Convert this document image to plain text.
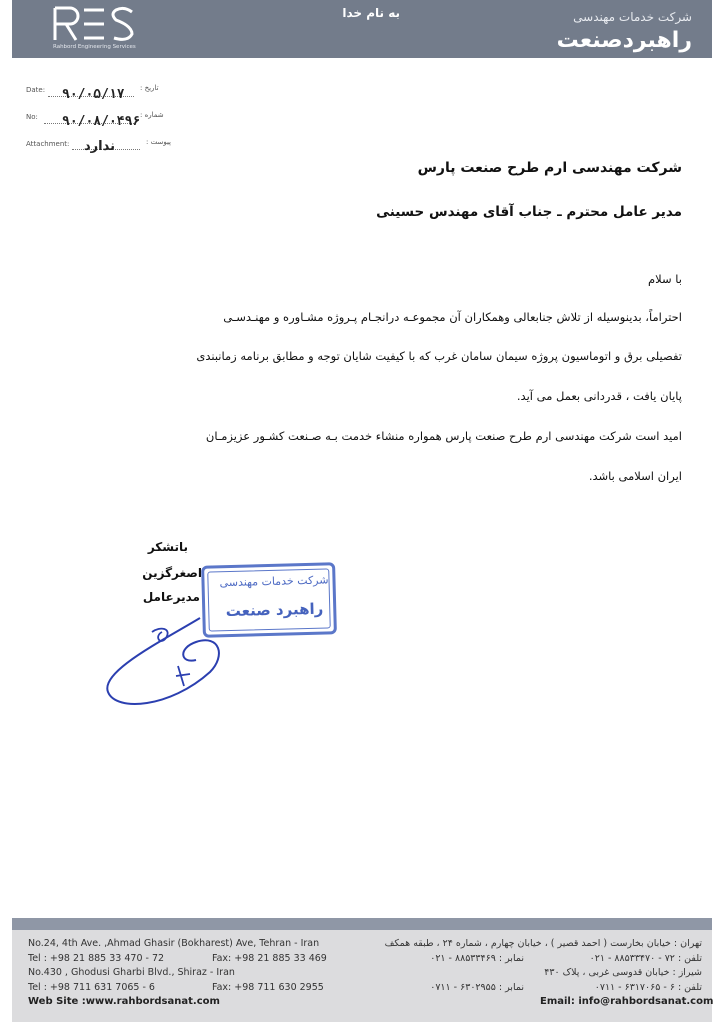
Rahbord Engineering Services
به نام خدا	شرکت خدمات مهندسی
راهبردصنعت
Date:	تاریخ :
۹۰/۰۵/۱۷
No:	شماره :
۹۰/۰۸/۰۴۹۶
Attachment:	پیوست :
ندارد
شرکت مهندسی ارم طرح صنعت پارس
مدیر عامل محترم ـ جناب آقای مهندس حسینی
با سلام
احتراماً، بدینوسیله از تلاش جنابعالی وهمکاران آن مجموعـه درانجـام پـروژه مشـاوره و مهنـدسـی
تفصیلی برق و اتوماسیون پروژه سیمان سامان غرب که با کیفیت شایان توجه و مطابق برنامه زمانبندی
پایان یافت ، قدردانی بعمل می آید.
امید است شرکت مهندسی ارم طرح صنعت پارس همواره منشاء خدمت بـه صـنعت کشـور عزیزمـان
ایران اسلامی باشد.
باتشکر
اصغرگزین
مدیرعامل
شرکت خدمات مهندسی
راهبرد صنعت
No.24, 4th Ave. ,Ahmad Ghasir (Bokharest) Ave, Tehran - Iran
Tel : +98 21 885 33 470 - 72	Fax: +98 21 885 33 469
No.430 , Ghodusi Gharbi Blvd., Shiraz - Iran
Tel : +98 711 631 7065 - 6	Fax: +98 711 630 2955
Web Site :www.rahbordsanat.com
تهران : خیابان بخارست ( احمد قصیر ) ، خیابان چهارم ، شماره ۲۴ ، طبقه همکف
تلفن : ۷۲ - ۸۸۵۳۳۴۷۰ - ۰۲۱
نمابر : ۸۸۵۳۳۴۶۹ - ۰۲۱
شیراز : خیابان قدوسی غربی ، پلاک ۴۳۰
تلفن : ۶ - ۶۳۱۷۰۶۵ - ۰۷۱۱
نمابر : ۶۳۰۲۹۵۵ - ۰۷۱۱
Email: info@rahbordsanat.com
